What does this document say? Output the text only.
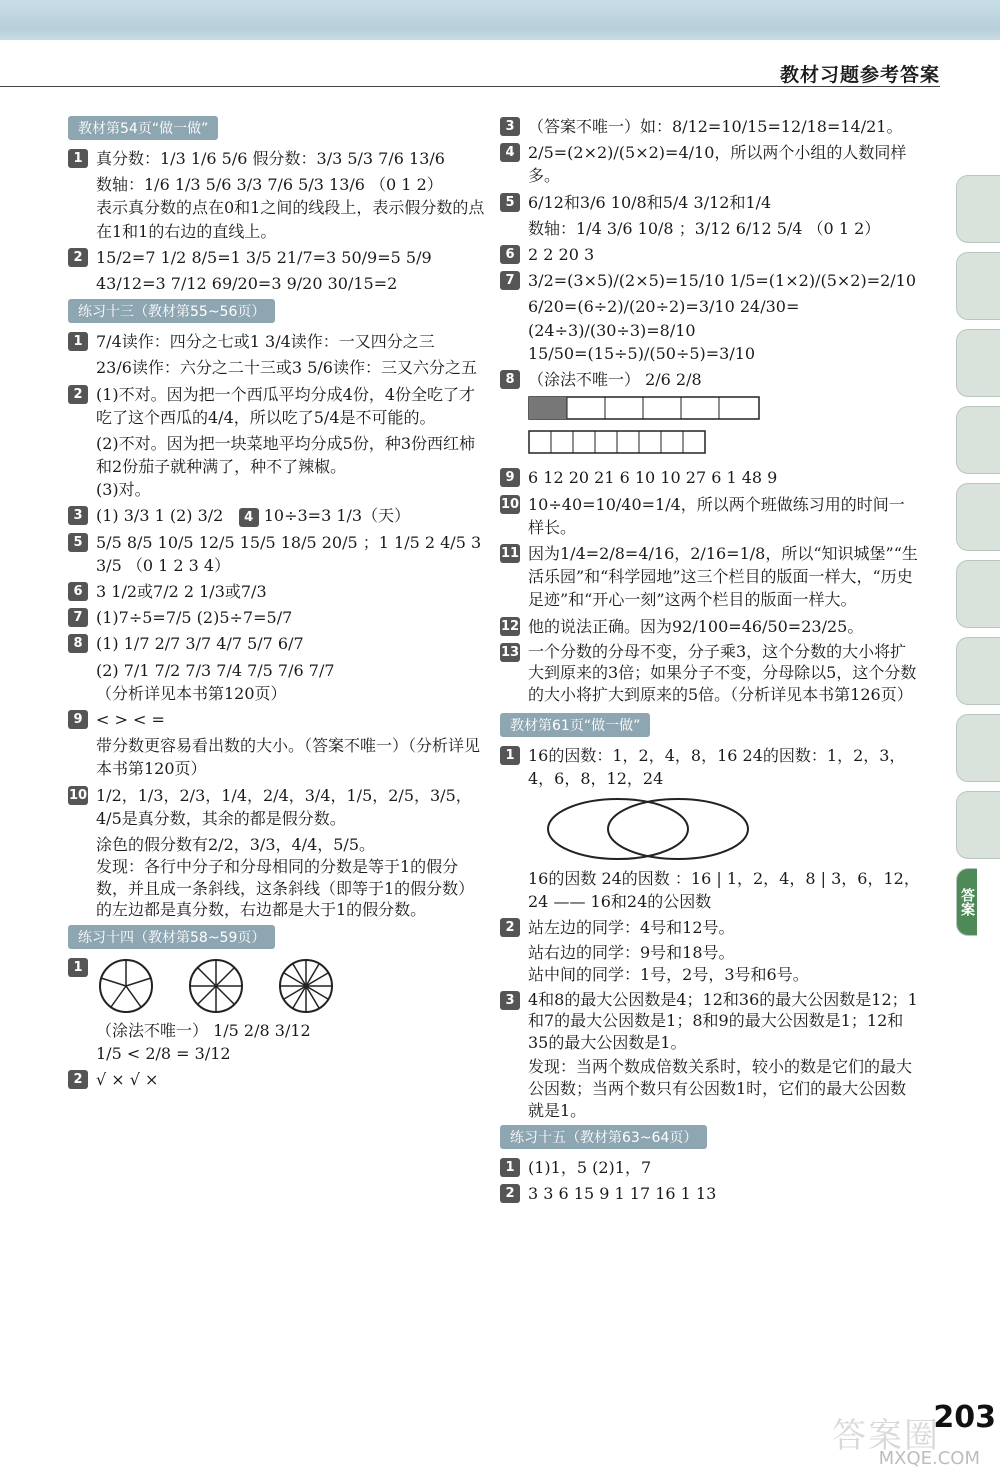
教材习题参考答案
答案
教材第54页“做一做”
1 真分数：1/3 1/6 5/6 假分数：3/3 5/3 7/6 13/6
数轴：1/6 1/3 5/6 3/3 7/6 5/3 13/6 （0 1 2）
表示真分数的点在0和1之间的线段上，表示假分数的点在1和1的右边的直线上。
2 15/2=7 1/2 8/5=1 3/5 21/7=3 50/9=5 5/9
43/12=3 7/12 69/20=3 9/20 30/15=2
练习十三（教材第55~56页）
1 7/4读作：四分之七或1 3/4读作：一又四分之三
23/6读作：六分之二十三或3 5/6读作：三又六分之五
2 (1)不对。因为把一个西瓜平均分成4份，4份全吃了才吃了这个西瓜的4/4，所以吃了5/4是不可能的。
(2)不对。因为把一块菜地平均分成5份，种3份西红柿和2份茄子就种满了，种不了辣椒。
(3)对。
3 (1) 3/3 1 (2) 3/2 4 10÷3=3 1/3（天）
5 5/5 8/5 10/5 12/5 15/5 18/5 20/5 ；1 1/5 2 4/5 3 3/5 （0 1 2 3 4）
6 3 1/2或7/2 2 1/3或7/3
7 (1)7÷5=7/5 (2)5÷7=5/7
8 (1) 1/7 2/7 3/7 4/7 5/7 6/7
(2) 7/1 7/2 7/3 7/4 7/5 7/6 7/7
（分析详见本书第120页）
9 < > < =
带分数更容易看出数的大小。（答案不唯一）（分析详见本书第120页）
10 1/2，1/3，2/3，1/4，2/4，3/4，1/5，2/5，3/5，4/5是真分数，其余的都是假分数。
涂色的假分数有2/2，3/3，4/4，5/5。
发现：各行中分子和分母相同的分数是等于1的假分数，并且成一条斜线，这条斜线（即等于1的假分数）的左边都是真分数，右边都是大于1的假分数。
练习十四（教材第58~59页）
1
（涂法不唯一） 1/5 2/8 3/12
1/5 < 2/8 = 3/12
2 √ × √ ×
3 （答案不唯一）如：8/12=10/15=12/18=14/21。
4 2/5=(2×2)/(5×2)=4/10，所以两个小组的人数同样多。
5 6/12和3/6 10/8和5/4 3/12和1/4
数轴：1/4 3/6 10/8 ；3/12 6/12 5/4 （0 1 2）
6 2 2 20 3
7 3/2=(3×5)/(2×5)=15/10 1/5=(1×2)/(5×2)=2/10
6/20=(6÷2)/(20÷2)=3/10 24/30=(24÷3)/(30÷3)=8/10
15/50=(15÷5)/(50÷5)=3/10
8 （涂法不唯一） 2/6 2/8

9 6 12 20 21 6 10 10 27 6 1 48 9
10 10÷40=10/40=1/4，所以两个班做练习用的时间一样长。
11 因为1/4=2/8=4/16，2/16=1/8，所以“知识城堡”“生活乐园”和“科学园地”这三个栏目的版面一样大，“历史足迹”和“开心一刻”这两个栏目的版面一样大。
12 他的说法正确。因为92/100=46/50=23/25。
13 一个分数的分母不变，分子乘3，这个分数的大小将扩大到原来的3倍；如果分子不变，分母除以5，这个分数的大小将扩大到原来的5倍。（分析详见本书第126页）
教材第61页“做一做”
1 16的因数：1，2，4，8，16 24的因数：1，2，3，4，6，8，12，24
16的因数 24的因数 ：16 | 1，2，4，8 | 3，6，12，24 —— 16和24的公因数
2 站左边的同学：4号和12号。
站右边的同学：9号和18号。
站中间的同学：1号，2号，3号和6号。
3 4和8的最大公因数是4；12和36的最大公因数是12；1和7的最大公因数是1；8和9的最大公因数是1；12和35的最大公因数是1。
发现：当两个数成倍数关系时，较小的数是它们的最大公因数；当两个数只有公因数1时，它们的最大公因数就是1。
练习十五（教材第63~64页）
1 (1)1，5 (2)1，7
2 3 3 6 15 9 1 17 16 1 13
答案圈
MXQE.COM
203
